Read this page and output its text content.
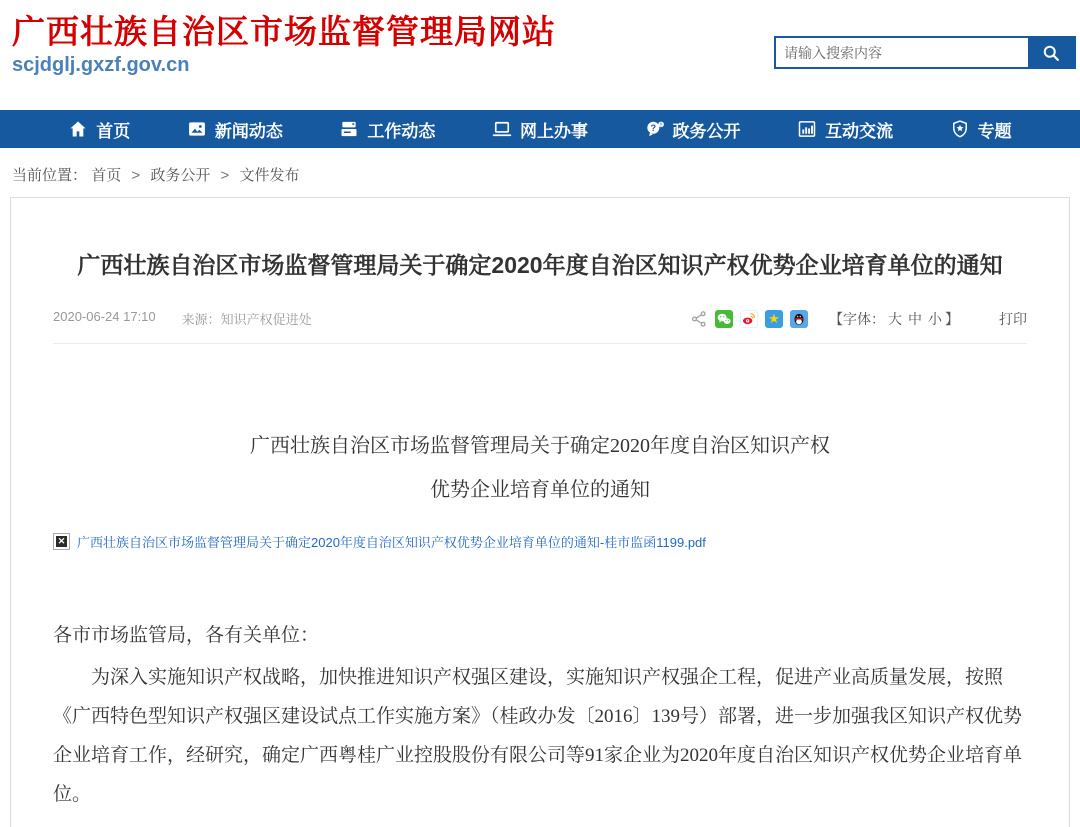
广西壮族自治区市场监督管理局网站
scjdglj.gxzf.gov.cn
请输入搜索内容
首页	新闻动态	工作动态	网上办事	? ! 政务公开	互动交流	专题
当前位置： 首页 > 政务公开 > 文件发布
广西壮族自治区市场监督管理局关于确定2020年度自治区知识产权优势企业培育单位的通知
2020-06-24 17:10 来源：知识产权促进处	★	【字体： 大 中 小 】	打印
广西壮族自治区市场监督管理局关于确定2020年度自治区知识产权
优势企业培育单位的通知
✕ 广西壮族自治区市场监督管理局关于确定2020年度自治区知识产权优势企业培育单位的通知-桂市监函1199.pdf

各市市场监管局，各有关单位：

为深入实施知识产权战略，加快推进知识产权强区建设，实施知识产权强企工程，促进产业高质量发展，按照《广西特色型知识产权强区建设试点工作实施方案》（桂政办发〔2016〕139号）部署，进一步加强我区知识产权优势企业培育工作，经研究，确定广西粤桂广业控股股份有限公司等91家企业为2020年度自治区知识产权优势企业培育单位。
